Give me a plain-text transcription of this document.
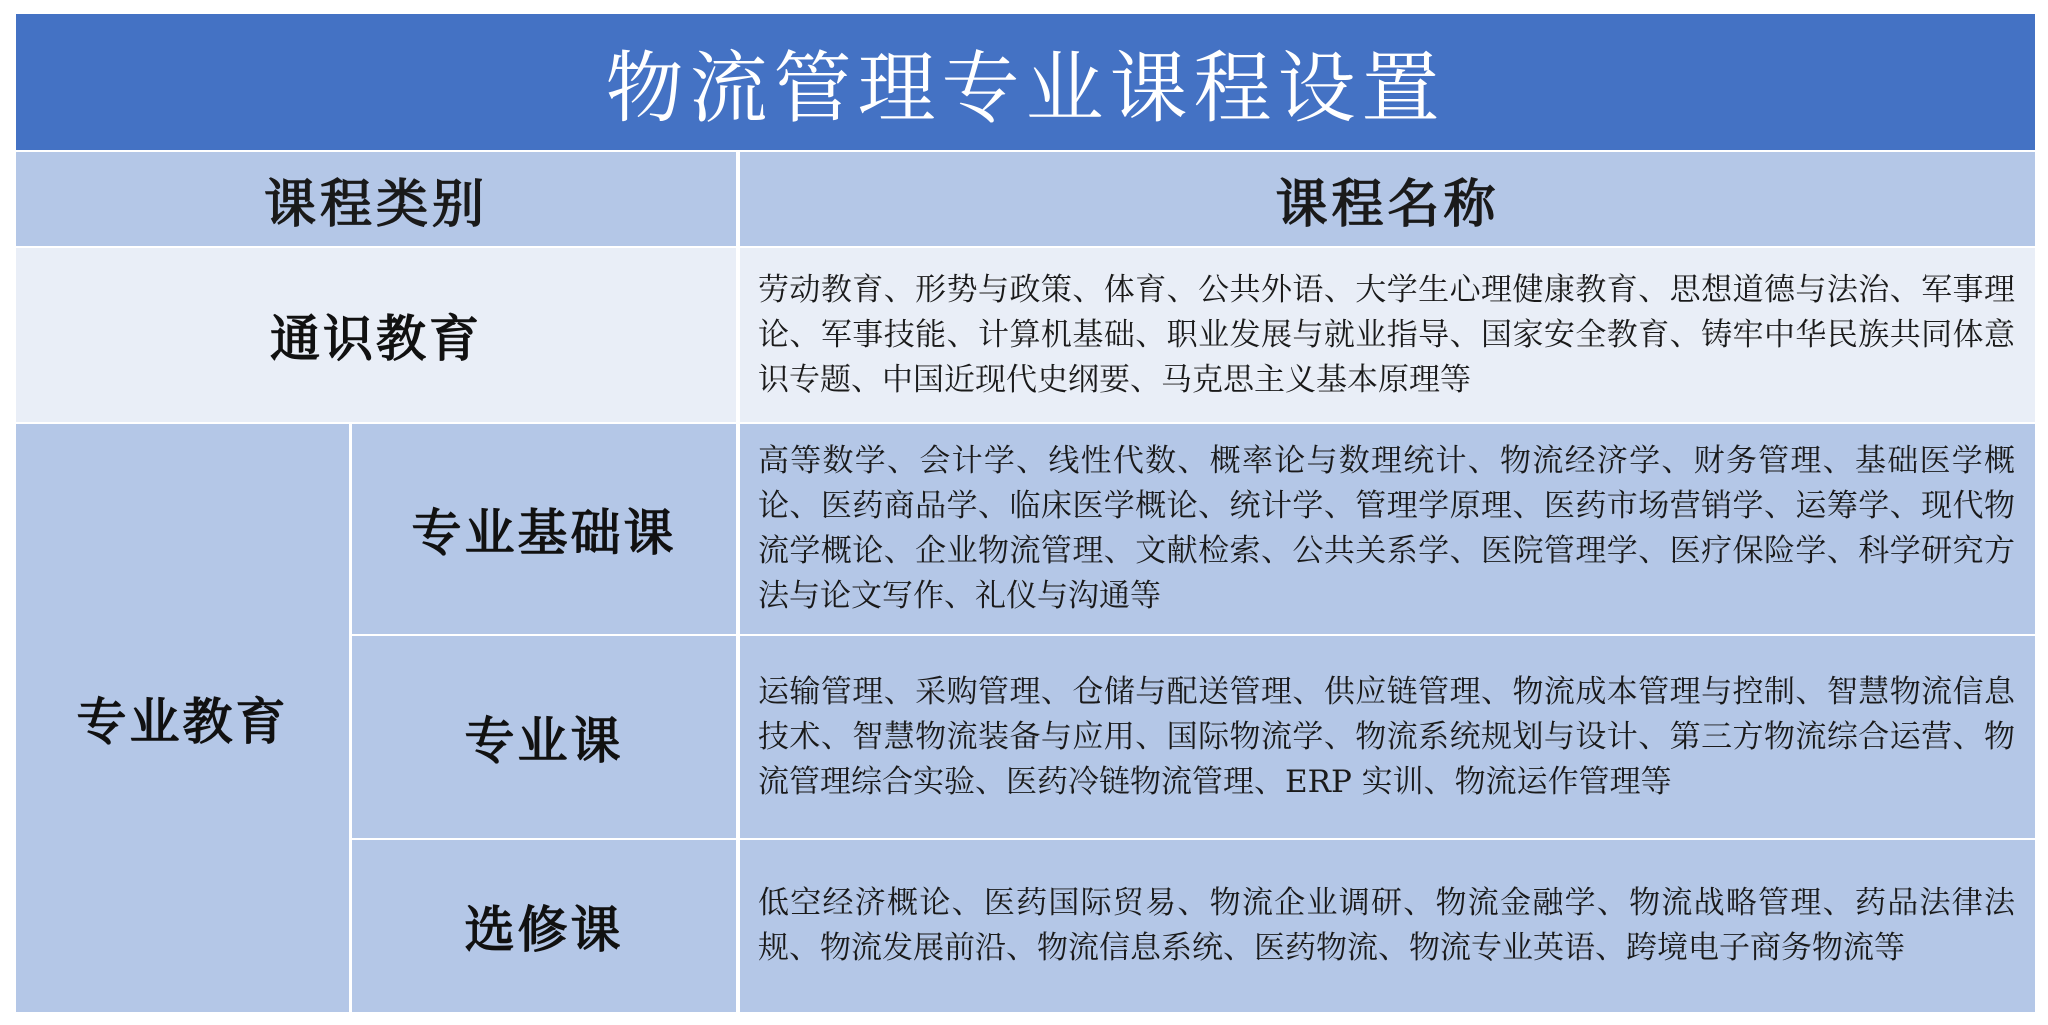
物流管理专业课程设置
课程类别	课程名称
通识教育
劳动教育、形势与政策、体育、公共外语、大学生心理健康教育、思想道德与法治、军事理论、军事技能、计算机基础、职业发展与就业指导、国家安全教育、铸牢中华民族共同体意识专题、中国近现代史纲要、马克思主义基本原理等
专业教育
专业基础课
高等数学、会计学、线性代数、概率论与数理统计、物流经济学、财务管理、基础医学概论、医药商品学、临床医学概论、统计学、管理学原理、医药市场营销学、运筹学、现代物流学概论、企业物流管理、文献检索、公共关系学、医院管理学、医疗保险学、科学研究方法与论文写作、礼仪与沟通等
专业课
运输管理、采购管理、仓储与配送管理、供应链管理、物流成本管理与控制、智慧物流信息技术、智慧物流装备与应用、国际物流学、物流系统规划与设计、第三方物流综合运营、物流管理综合实验、医药冷链物流管理、ERP 实训、物流运作管理等
选修课	低空经济概论、医药国际贸易、物流企业调研、物流金融学、物流战略管理、药品法律法规、物流发展前沿、物流信息系统、医药物流、物流专业英语、跨境电子商务物流等
